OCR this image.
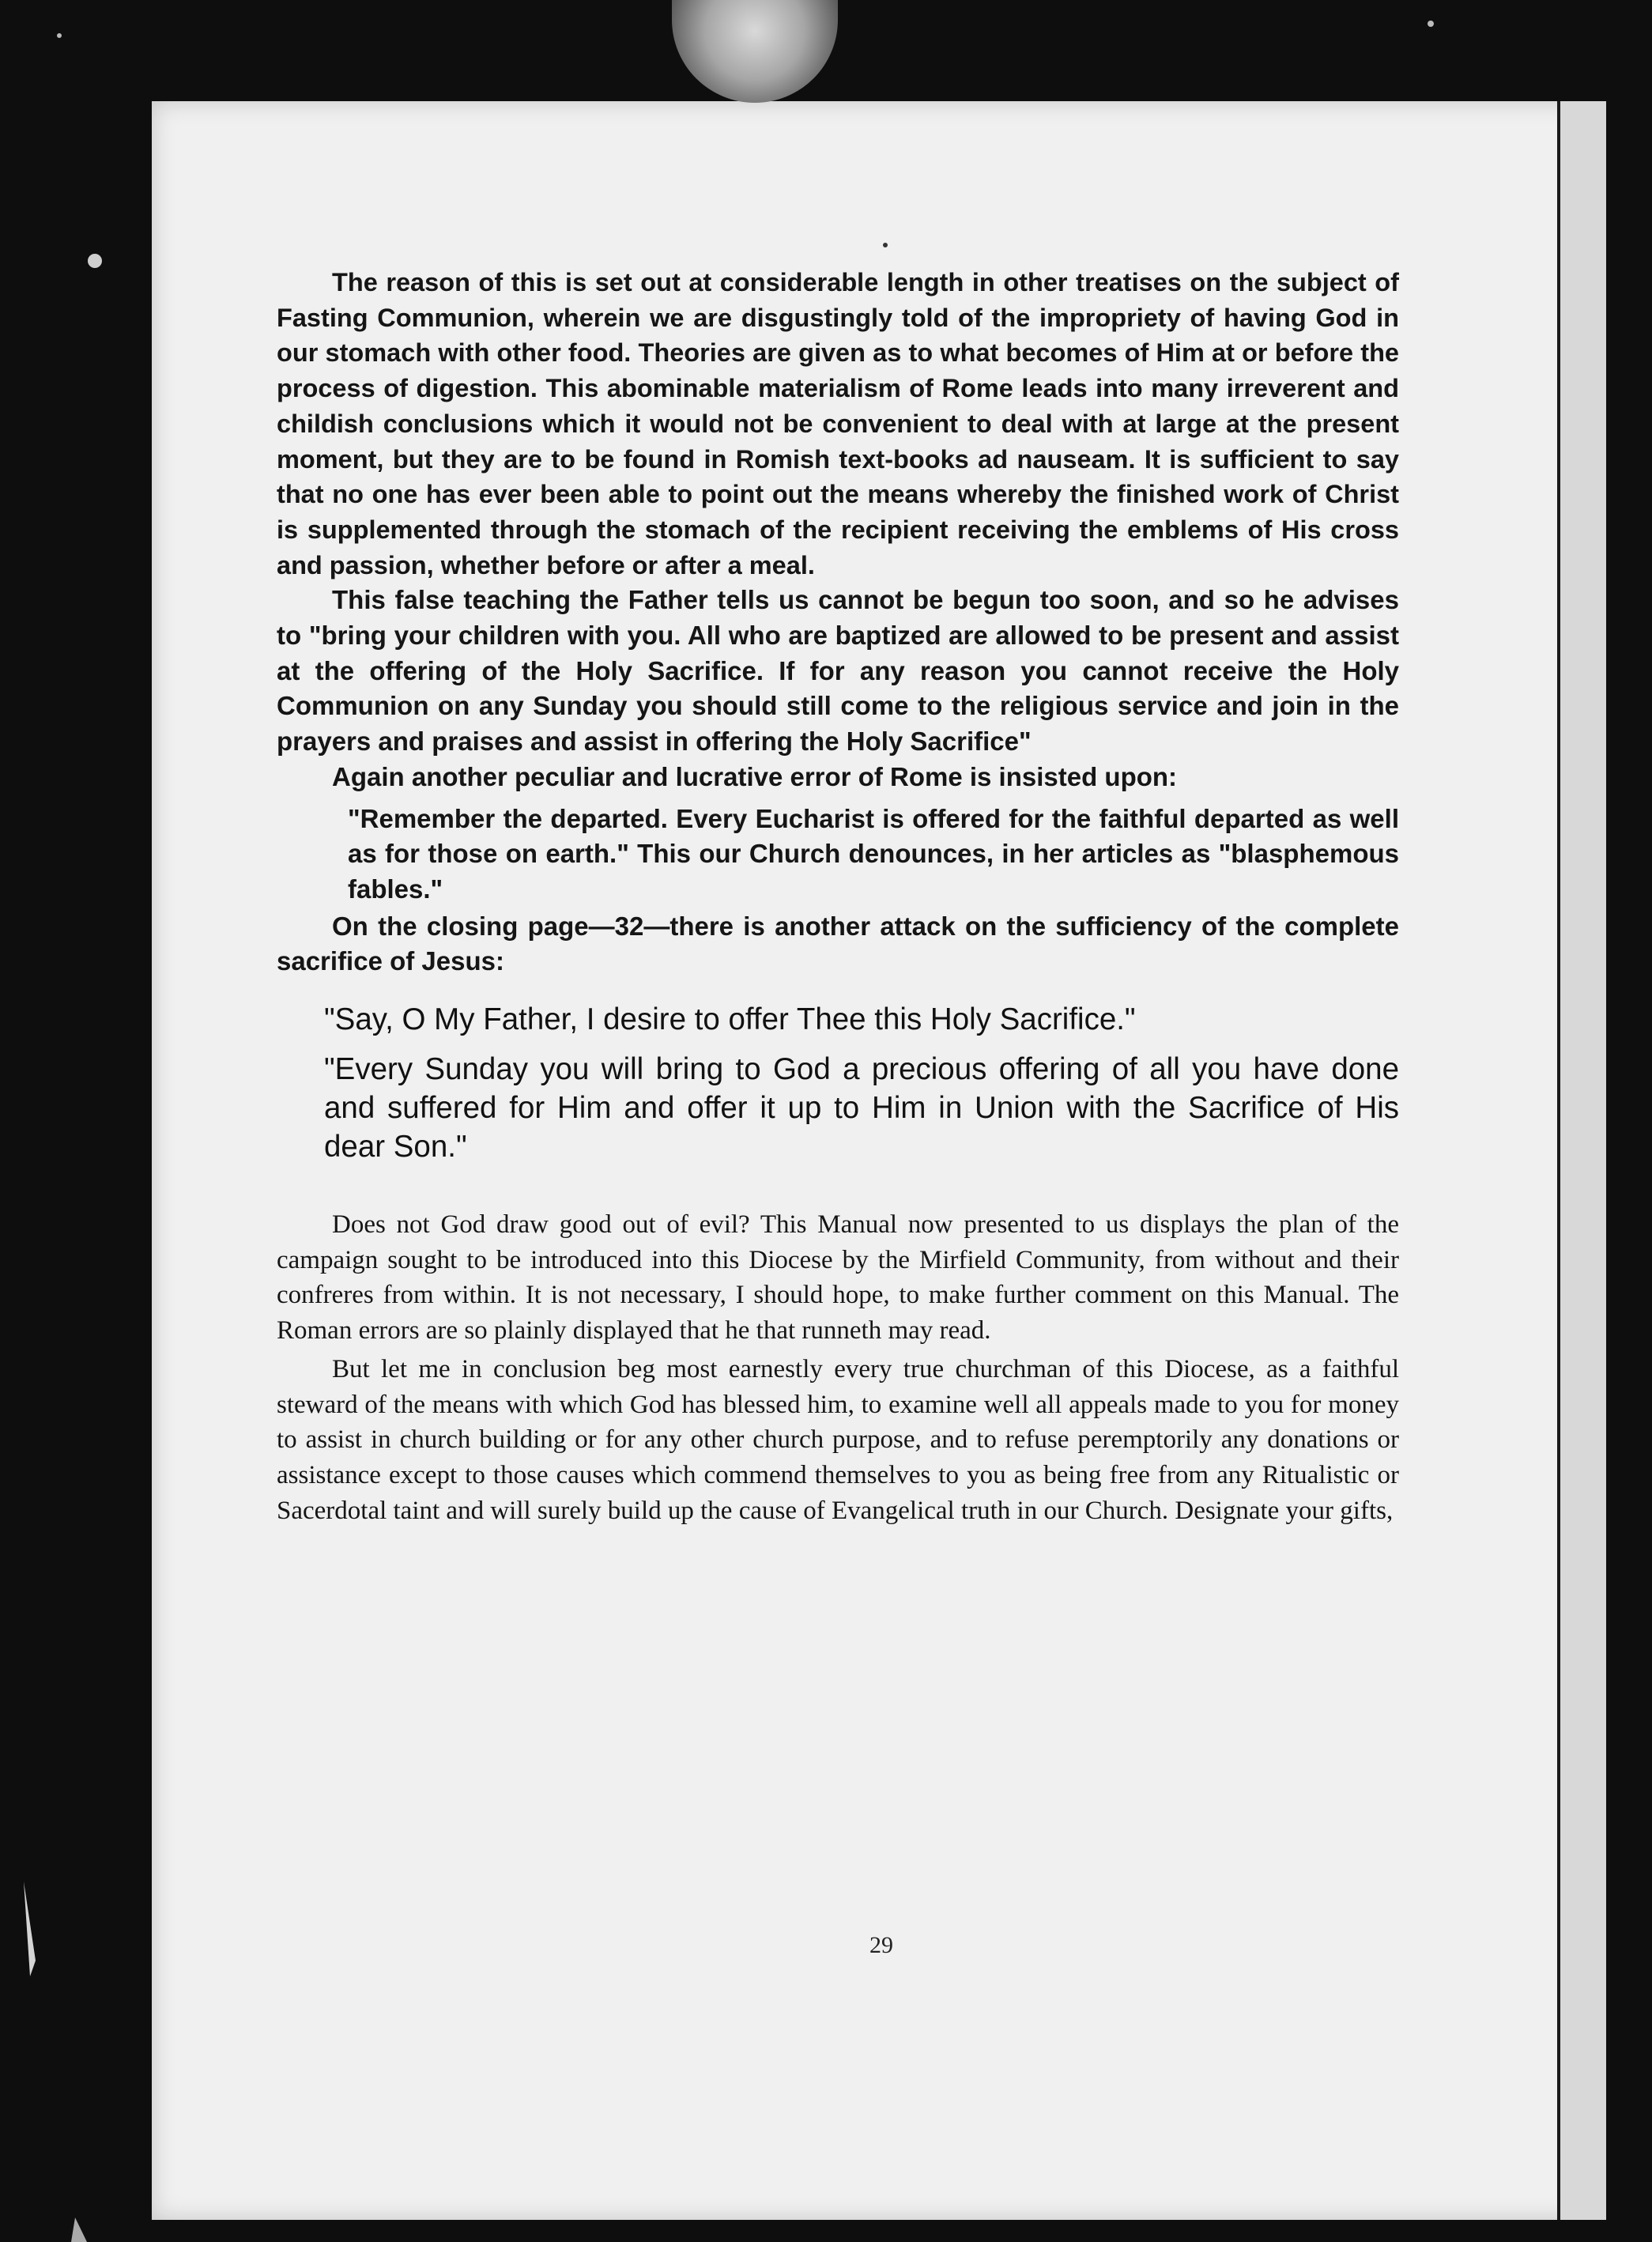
The reason of this is set out at considerable length in other treatises on the subject of Fasting Communion, wherein we are disgustingly told of the impropriety of having God in our stomach with other food. Theories are given as to what becomes of Him at or before the process of digestion. This abominable materialism of Rome leads into many irreverent and childish conclusions which it would not be convenient to deal with at large at the present moment, but they are to be found in Romish text-books ad nauseam. It is sufficient to say that no one has ever been able to point out the means whereby the finished work of Christ is supplemented through the stomach of the recipient receiving the emblems of His cross and passion, whether before or after a meal.

This false teaching the Father tells us cannot be begun too soon, and so he advises to "bring your children with you. All who are baptized are allowed to be present and assist at the offering of the Holy Sacrifice. If for any reason you cannot receive the Holy Communion on any Sunday you should still come to the religious service and join in the prayers and praises and assist in offering the Holy Sacrifice"

Again another peculiar and lucrative error of Rome is insisted upon:

"Remember the departed. Every Eucharist is offered for the faithful departed as well as for those on earth." This our Church denounces, in her articles as "blasphemous fables."

On the closing page—32—there is another attack on the sufficiency of the complete sacrifice of Jesus:

"Say, O My Father, I desire to offer Thee this Holy Sacrifice."

"Every Sunday you will bring to God a precious offering of all you have done and suffered for Him and offer it up to Him in Union with the Sacrifice of His dear Son."

Does not God draw good out of evil? This Manual now presented to us displays the plan of the campaign sought to be introduced into this Diocese by the Mirfield Community, from without and their confreres from within. It is not necessary, I should hope, to make further comment on this Manual. The Roman errors are so plainly displayed that he that runneth may read.

But let me in conclusion beg most earnestly every true churchman of this Diocese, as a faithful steward of the means with which God has blessed him, to examine well all appeals made to you for money to assist in church building or for any other church purpose, and to refuse peremptorily any donations or assistance except to those causes which commend themselves to you as being free from any Ritualistic or Sacerdotal taint and will surely build up the cause of Evangelical truth in our Church. Designate your gifts,

29
